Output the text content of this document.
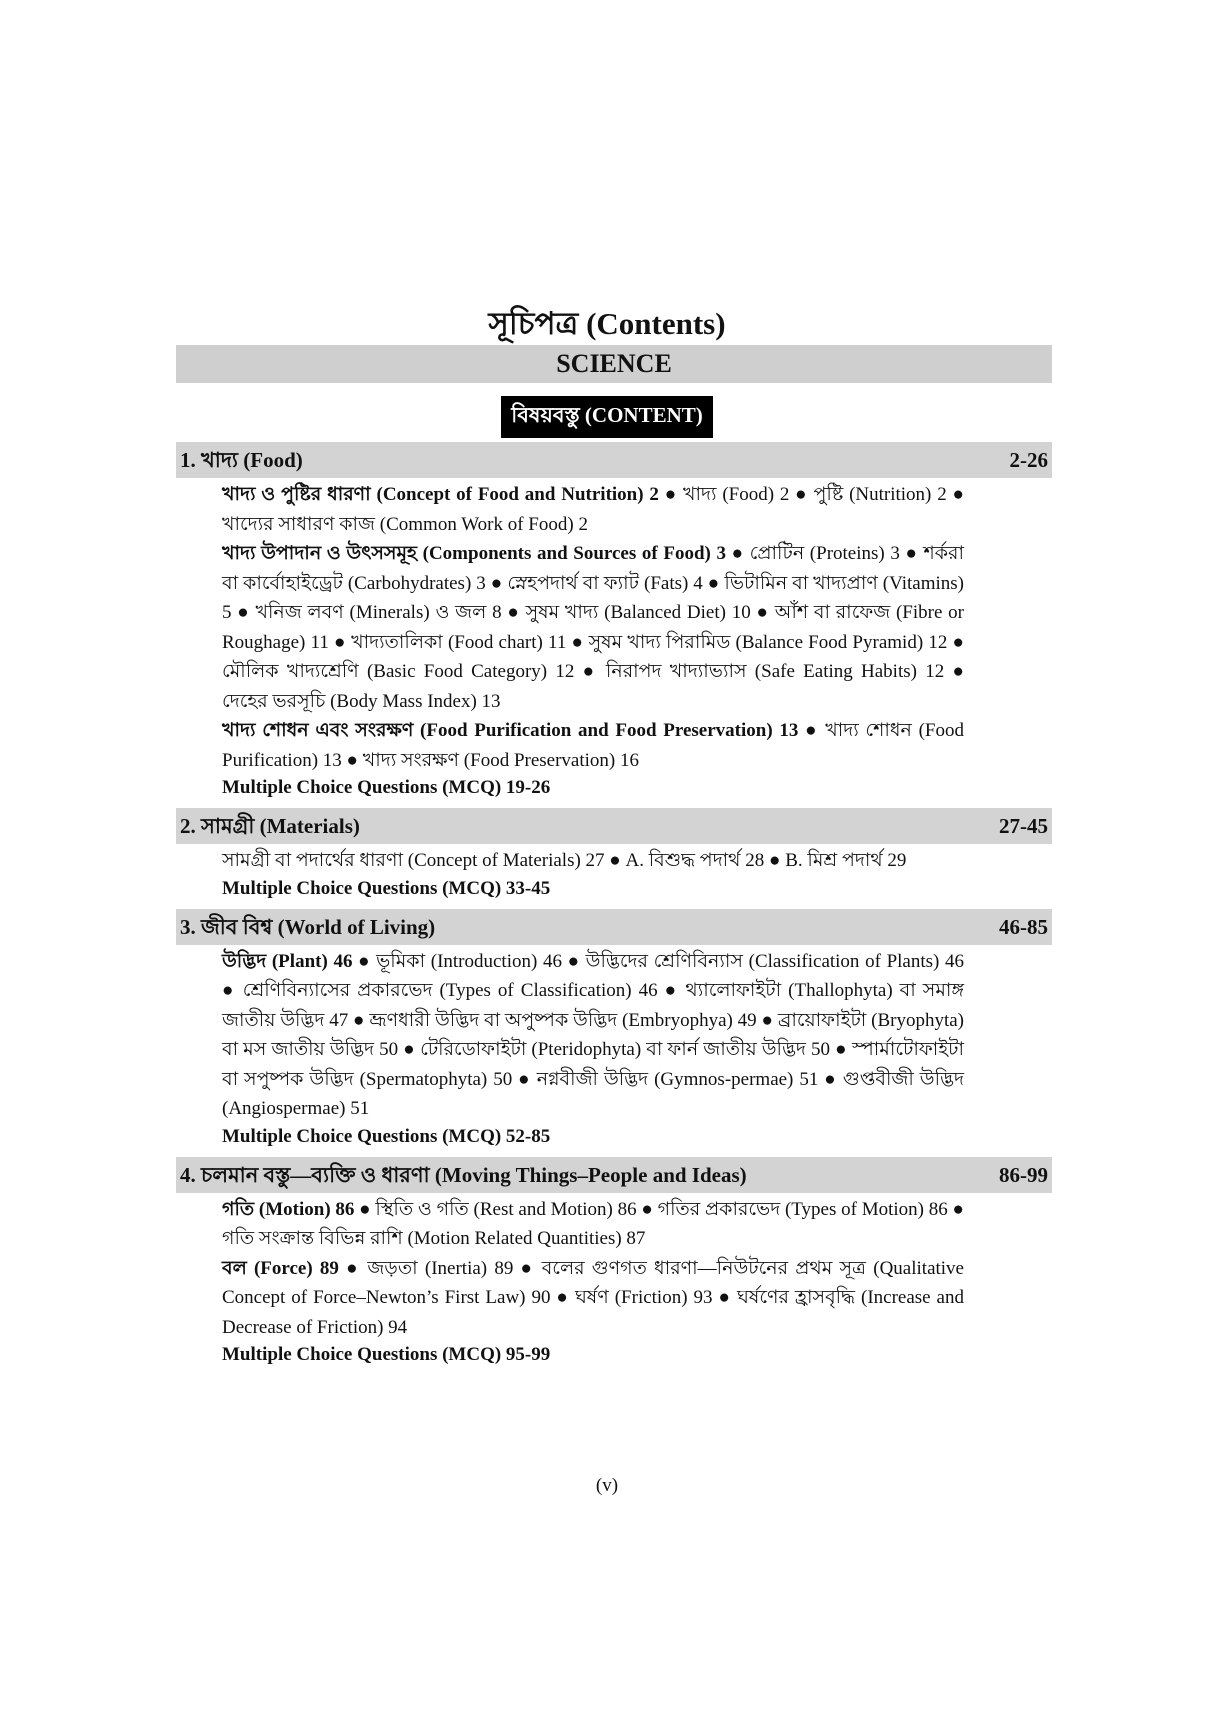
সূচিপত্র (Contents)
SCIENCE
বিষয়বস্তু (CONTENT)
1. খাদ্য (Food)	2-26

খাদ্য ও পুষ্টির ধারণা (Concept of Food and Nutrition) 2 ● খাদ্য (Food) 2 ● পুষ্টি (Nutrition) 2 ● খাদ্যের সাধারণ কাজ (Common Work of Food) 2

খাদ্য উপাদান ও উৎসসমূহ (Components and Sources of Food) 3 ● প্রোটিন (Proteins) 3 ● শর্করা বা কার্বোহাইড্রেট (Carbohydrates) 3 ● স্নেহপদার্থ বা ফ্যাট (Fats) 4 ● ভিটামিন বা খাদ্যপ্রাণ (Vitamins) 5 ● খনিজ লবণ (Minerals) ও জল 8 ● সুষম খাদ্য (Balanced Diet) 10 ● আঁশ বা রাফেজ (Fibre or Roughage) 11 ● খাদ্যতালিকা (Food chart) 11 ● সুষম খাদ্য পিরামিড (Balance Food Pyramid) 12 ● মৌলিক খাদ্যশ্রেণি (Basic Food Category) 12 ● নিরাপদ খাদ্যাভ্যাস (Safe Eating Habits) 12 ● দেহের ভরসূচি (Body Mass Index) 13

খাদ্য শোধন এবং সংরক্ষণ (Food Purification and Food Preservation) 13 ● খাদ্য শোধন (Food Purification) 13 ● খাদ্য সংরক্ষণ (Food Preservation) 16

Multiple Choice Questions (MCQ) 19-26
2. সামগ্রী (Materials)	27-45

সামগ্রী বা পদার্থের ধারণা (Concept of Materials) 27 ● A. বিশুদ্ধ পদার্থ 28 ● B. মিশ্র পদার্থ 29

Multiple Choice Questions (MCQ) 33-45
3. জীব বিশ্ব (World of Living)	46-85

উদ্ভিদ (Plant) 46 ● ভূমিকা (Introduction) 46 ● উদ্ভিদের শ্রেণিবিন্যাস (Classification of Plants) 46 ● শ্রেণিবিন্যাসের প্রকারভেদ (Types of Classification) 46 ● থ্যালোফাইটা (Thallophyta) বা সমাঙ্গ জাতীয় উদ্ভিদ 47 ● ভ্রূণধারী উদ্ভিদ বা অপুষ্পক উদ্ভিদ (Embryophya) 49 ● ব্রায়োফাইটা (Bryophyta) বা মস জাতীয় উদ্ভিদ 50 ● টেরিডোফাইটা (Pteridophyta) বা ফার্ন জাতীয় উদ্ভিদ 50 ● স্পার্মাটোফাইটা বা সপুষ্পক উদ্ভিদ (Spermatophyta) 50 ● নগ্নবীজী উদ্ভিদ (Gymnos-permae) 51 ● গুপ্তবীজী উদ্ভিদ (Angiospermae) 51

Multiple Choice Questions (MCQ) 52-85
4. চলমান বস্তু—ব্যক্তি ও ধারণা (Moving Things–People and Ideas)	86-99

গতি (Motion) 86 ● স্থিতি ও গতি (Rest and Motion) 86 ● গতির প্রকারভেদ (Types of Motion) 86 ● গতি সংক্রান্ত বিভিন্ন রাশি (Motion Related Quantities) 87

বল (Force) 89 ● জড়তা (Inertia) 89 ● বলের গুণগত ধারণা—নিউটনের প্রথম সূত্র (Qualitative Concept of Force–Newton’s First Law) 90 ● ঘর্ষণ (Friction) 93 ● ঘর্ষণের হ্রাসবৃদ্ধি (Increase and Decrease of Friction) 94

Multiple Choice Questions (MCQ) 95-99
(v)
